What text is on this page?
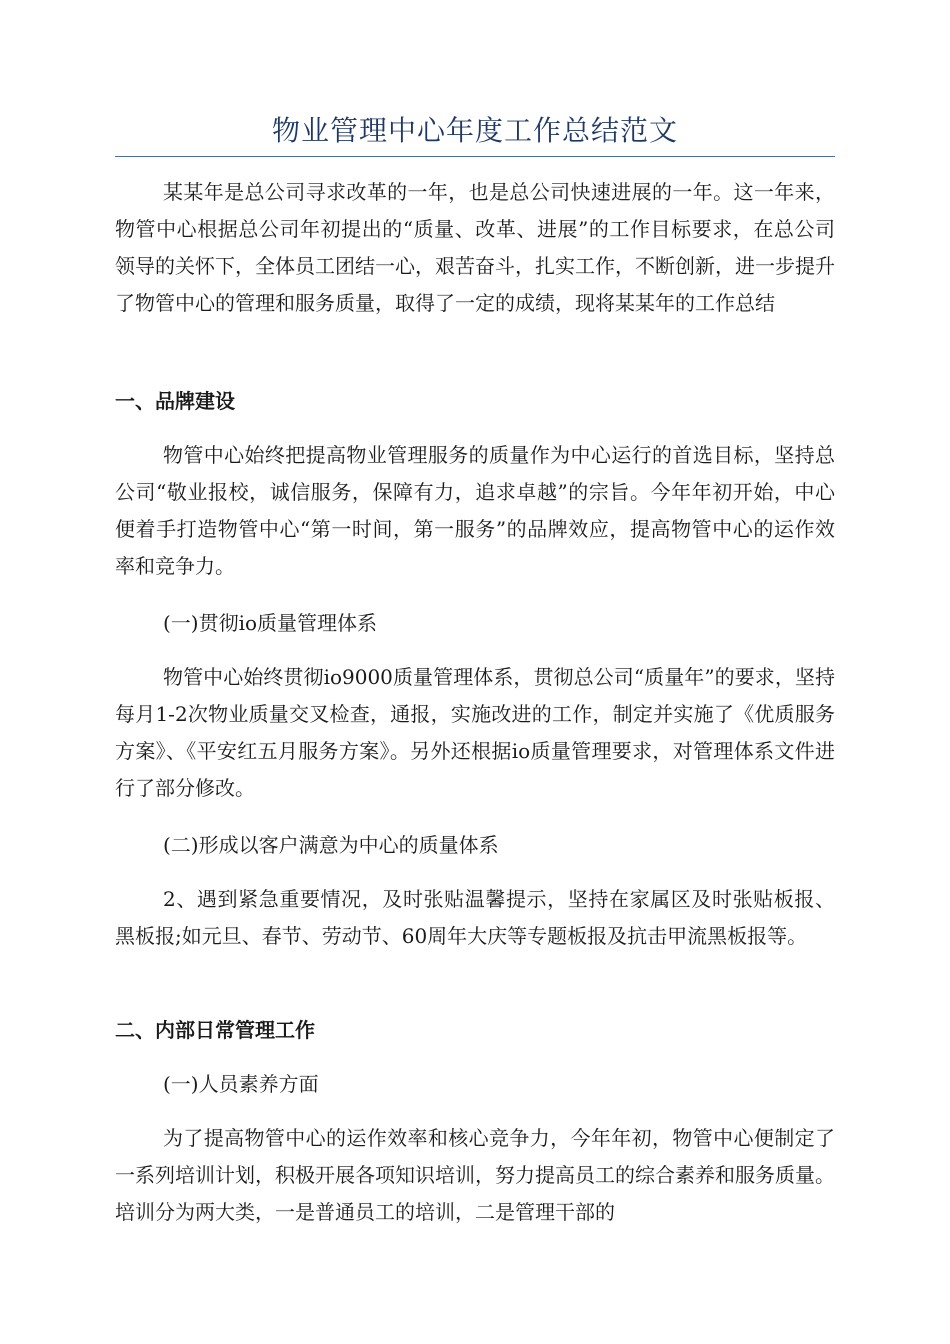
物业管理中心年度工作总结范文

某某年是总公司寻求改革的一年，也是总公司快速进展的一年。这一年来，物管中心根据总公司年初提出的“质量、改革、进展”的工作目标要求，在总公司领导的关怀下，全体员工团结一心，艰苦奋斗，扎实工作，不断创新，进一步提升了物管中心的管理和服务质量，取得了一定的成绩，现将某某年的工作总结

一、品牌建设

物管中心始终把提高物业管理服务的质量作为中心运行的首选目标，坚持总公司“敬业报校，诚信服务，保障有力，追求卓越”的宗旨。今年年初开始，中心便着手打造物管中心“第一时间，第一服务”的品牌效应，提高物管中心的运作效率和竞争力。

(一)贯彻io质量管理体系

物管中心始终贯彻io9000质量管理体系，贯彻总公司“质量年”的要求，坚持每月1-2次物业质量交叉检查，通报，实施改进的工作，制定并实施了《优质服务方案》、《平安红五月服务方案》。另外还根据io质量管理要求，对管理体系文件进行了部分修改。

(二)形成以客户满意为中心的质量体系

2、遇到紧急重要情况，及时张贴温馨提示，坚持在家属区及时张贴板报、黑板报;如元旦、春节、劳动节、60周年大庆等专题板报及抗击甲流黑板报等。

二、内部日常管理工作

(一)人员素养方面

为了提高物管中心的运作效率和核心竞争力，今年年初，物管中心便制定了一系列培训计划，积极开展各项知识培训，努力提高员工的综合素养和服务质量。培训分为两大类，一是普通员工的培训，二是管理干部的
